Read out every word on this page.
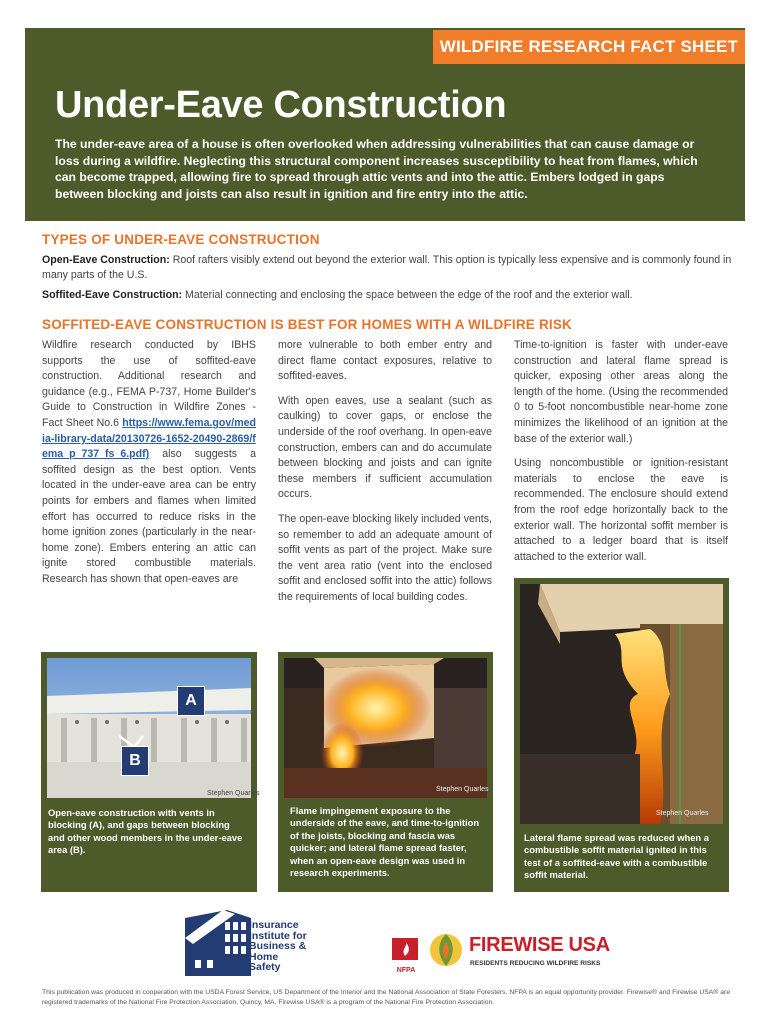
WILDFIRE RESEARCH FACT SHEET
Under-Eave Construction

The under-eave area of a house is often overlooked when addressing vulnerabilities that can cause damage or loss during a wildfire. Neglecting this structural component increases susceptibility to heat from flames, which can become trapped, allowing fire to spread through attic vents and into the attic. Embers lodged in gaps between blocking and joists can also result in ignition and fire entry into the attic.

TYPES OF UNDER-EAVE CONSTRUCTION

Open-Eave Construction: Roof rafters visibly extend out beyond the exterior wall. This option is typically less expensive and is commonly found in many parts of the U.S.

Soffited-Eave Construction: Material connecting and enclosing the space between the edge of the roof and the exterior wall.

SOFFITED-EAVE CONSTRUCTION IS BEST FOR HOMES WITH A WILDFIRE RISK

Wildfire research conducted by IBHS supports the use of soffited-eave construction. Additional research and guidance (e.g., FEMA P-737, Home Builder's Guide to Construction in Wildfire Zones - Fact Sheet No.6 https://www.fema.gov/media-library-data/20130726-1652-20490-2869/fema_p_737_fs_6.pdf) also suggests a soffited design as the best option. Vents located in the under-eave area can be entry points for embers and flames when limited effort has occurred to reduce risks in the home ignition zones (particularly in the near-home zone). Embers entering an attic can ignite stored combustible materials. Research has shown that open-eaves are

more vulnerable to both ember entry and direct flame contact exposures, relative to soffited-eaves.

With open eaves, use a sealant (such as caulking) to cover gaps, or enclose the underside of the roof overhang. In open-eave construction, embers can and do accumulate between blocking and joists and can ignite these members if sufficient accumulation occurs.

The open-eave blocking likely included vents, so remember to add an adequate amount of soffit vents as part of the project. Make sure the vent area ratio (vent into the enclosed soffit and enclosed soffit into the attic) follows the requirements of local building codes.

Time-to-ignition is faster with under-eave construction and lateral flame spread is quicker, exposing other areas along the length of the home. (Using the recommended 0 to 5-foot noncombustible near-home zone minimizes the likelihood of an ignition at the base of the exterior wall.)

Using noncombustible or ignition-resistant materials to enclose the eave is recommended. The enclosure should extend from the roof edge horizontally back to the exterior wall. The horizontal soffit member is attached to a ledger board that is itself attached to the exterior wall.

A
B
Stephen Quarles

Open-eave construction with vents in blocking (A), and gaps between blocking and other wood members in the under-eave area (B).

Stephen Quarles

Flame impingement exposure to the underside of the eave, and time-to-ignition of the joists, blocking and fascia was quicker; and lateral flame spread faster, when an open-eave design was used in research experiments.

Stephen Quarles

Lateral flame spread was reduced when a combustible soffit material ignited in this test of a soffited-eave with a combustible soffit material.

Insurance
Institute for
Business &
Home
Safety	NFPA
FIREWISE USA
RESIDENTS REDUCING WILDFIRE RISKS

This publication was produced in cooperation with the USDA Forest Service, US Department of the Interior and the National Association of State Foresters. NFPA is an equal opportunity provider. Firewise® and Firewise USA® are registered trademarks of the National Fire Protection Association, Quincy, MA. Firewise USA® is a program of the National Fire Protection Association.
